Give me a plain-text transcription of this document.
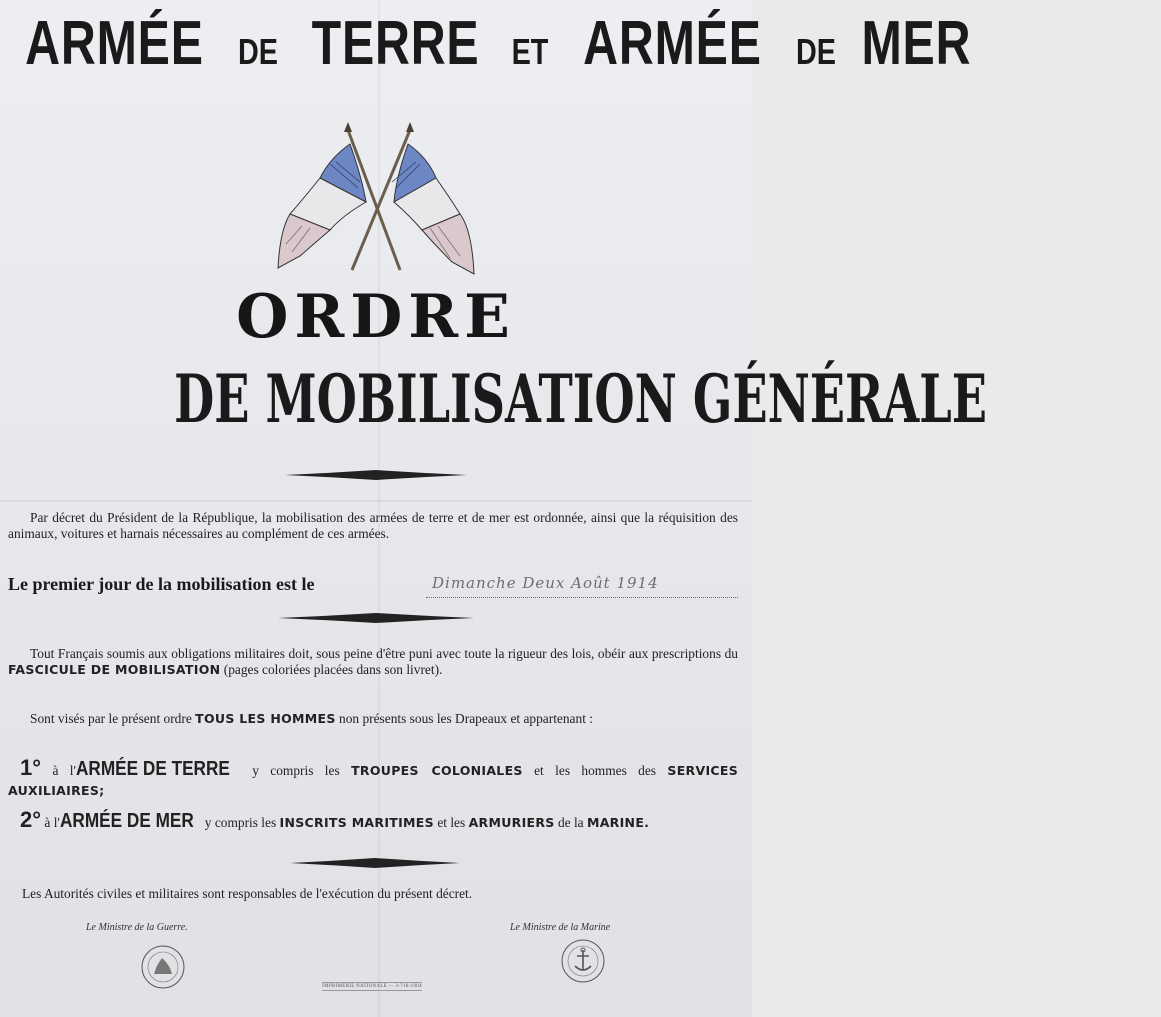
ARMÉE DE TERRE ET ARMÉE DE MER
ORDRE
DE MOBILISATION GÉNÉRALE
Par décret du Président de la République, la mobilisation des armées de terre et de mer est ordonnée, ainsi que la réquisition des animaux, voitures et harnais nécessaires au complément de ces armées.
Le premier jour de la mobilisation est le	Dimanche Deux Août 1914
Tout Français soumis aux obligations militaires doit, sous peine d'être puni avec toute la rigueur des lois, obéir aux prescriptions du FASCICULE DE MOBILISATION (pages coloriées placées dans son livret).
Sont visés par le présent ordre TOUS LES HOMMES non présents sous les Drapeaux et appartenant :
1° à l'ARMÉE DE TERRE y compris les TROUPES COLONIALES et les hommes des SERVICES AUXILIAIRES;
2° à l'ARMÉE DE MER y compris les INSCRITS MARITIMES et les ARMURIERS de la MARINE.
Les Autorités civiles et militaires sont responsables de l'exécution du présent décret.
Le Ministre de la Guerre.	Le Ministre de la Marine
IMPRIMERIE NATIONALE — 3-718-1904
